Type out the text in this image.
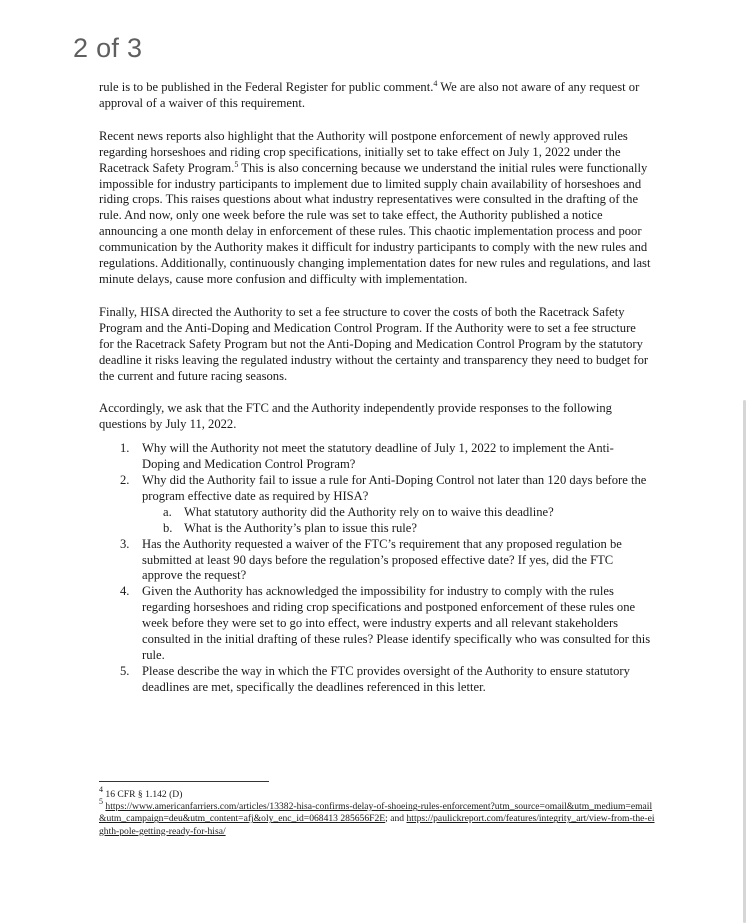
2 of 3

rule is to be published in the Federal Register for public comment.$^4$ We are also not aware of any request or approval of a waiver of this requirement.

Recent news reports also highlight that the Authority will postpone enforcement of newly approved rules regarding horseshoes and riding crop specifications, initially set to take effect on July 1, 2022 under the Racetrack Safety Program.$^5$ This is also concerning because we understand the initial rules were functionally impossible for industry participants to implement due to limited supply chain availability of horseshoes and riding crops. This raises questions about what industry representatives were consulted in the drafting of the rule. And now, only one week before the rule was set to take effect, the Authority published a notice announcing a one month delay in enforcement of these rules. This chaotic implementation process and poor communication by the Authority makes it difficult for industry participants to comply with the new rules and regulations. Additionally, continuously changing implementation dates for new rules and regulations, and last minute delays, cause more confusion and difficulty with implementation.

Finally, HISA directed the Authority to set a fee structure to cover the costs of both the Racetrack Safety Program and the Anti-Doping and Medication Control Program. If the Authority were to set a fee structure for the Racetrack Safety Program but not the Anti-Doping and Medication Control Program by the statutory deadline it risks leaving the regulated industry without the certainty and transparency they need to budget for the current and future racing seasons.

Accordingly, we ask that the FTC and the Authority independently provide responses to the following questions by July 11, 2022.

1. Why will the Authority not meet the statutory deadline of July 1, 2022 to implement the Anti-Doping and Medication Control Program?
2. Why did the Authority fail to issue a rule for Anti-Doping Control not later than 120 days before the program effective date as required by HISA?
a. What statutory authority did the Authority rely on to waive this deadline?
b. What is the Authority’s plan to issue this rule?
3. Has the Authority requested a waiver of the FTC’s requirement that any proposed regulation be submitted at least 90 days before the regulation’s proposed effective date? If yes, did the FTC approve the request?
4. Given the Authority has acknowledged the impossibility for industry to comply with the rules regarding horseshoes and riding crop specifications and postponed enforcement of these rules one week before they were set to go into effect, were industry experts and all relevant stakeholders consulted in the initial drafting of these rules? Please identify specifically who was consulted for this rule.
5. Please describe the way in which the FTC provides oversight of the Authority to ensure statutory deadlines are met, specifically the deadlines referenced in this letter.
$^4$ 16 CFR § 1.142 (D)
$^5$ https://www.americanfarriers.com/articles/13382-hisa-confirms-delay-of-shoeing-rules-enforcement?utm_source=omail&utm_medium=email&utm_campaign=deu&utm_content=afj&oly_enc_id=068413 285656F2E; and https://paulickreport.com/features/integrity_art/view-from-the-eighth-pole-getting-ready-for-hisa/
